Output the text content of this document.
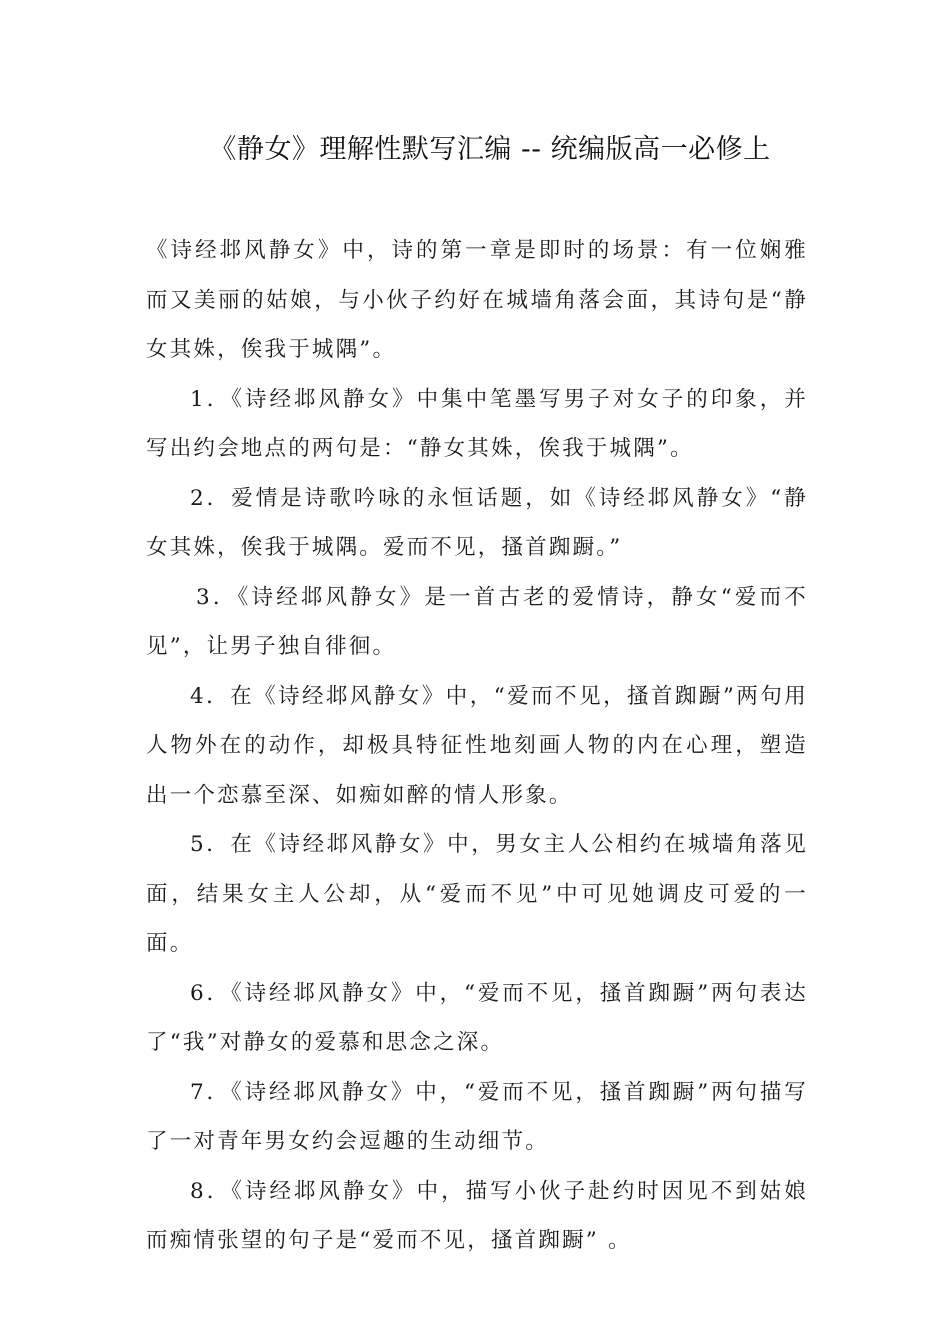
《静女》理解性默写汇编 -- 统编版高一必修上

《诗经邶风静女》中，诗的第一章是即时的场景：有一位娴雅而又美丽的姑娘，与小伙子约好在城墙角落会面，其诗句是“静女其姝，俟我于城隅”。

1．《诗经邶风静女》中集中笔墨写男子对女子的印象，并写出约会地点的两句是：“静女其姝，俟我于城隅”。

2．爱情是诗歌吟咏的永恒话题，如《诗经邶风静女》“静女其姝，俟我于城隅。爱而不见，搔首踟蹰。”

3．《诗经邶风静女》是一首古老的爱情诗，静女“爱而不见”，让男子独自徘徊。

4．在《诗经邶风静女》中，“爱而不见，搔首踟蹰”两句用人物外在的动作，却极具特征性地刻画人物的内在心理，塑造出一个恋慕至深、如痴如醉的情人形象。

5．在《诗经邶风静女》中，男女主人公相约在城墙角落见面，结果女主人公却，从“爱而不见”中可见她调皮可爱的一面。

6．《诗经邶风静女》中，“爱而不见，搔首踟蹰”两句表达了“我”对静女的爱慕和思念之深。

7．《诗经邶风静女》中，“爱而不见，搔首踟蹰”两句描写了一对青年男女约会逗趣的生动细节。

8．《诗经邶风静女》中，描写小伙子赴约时因见不到姑娘而痴情张望的句子是“爱而不见，搔首踟蹰” 。
